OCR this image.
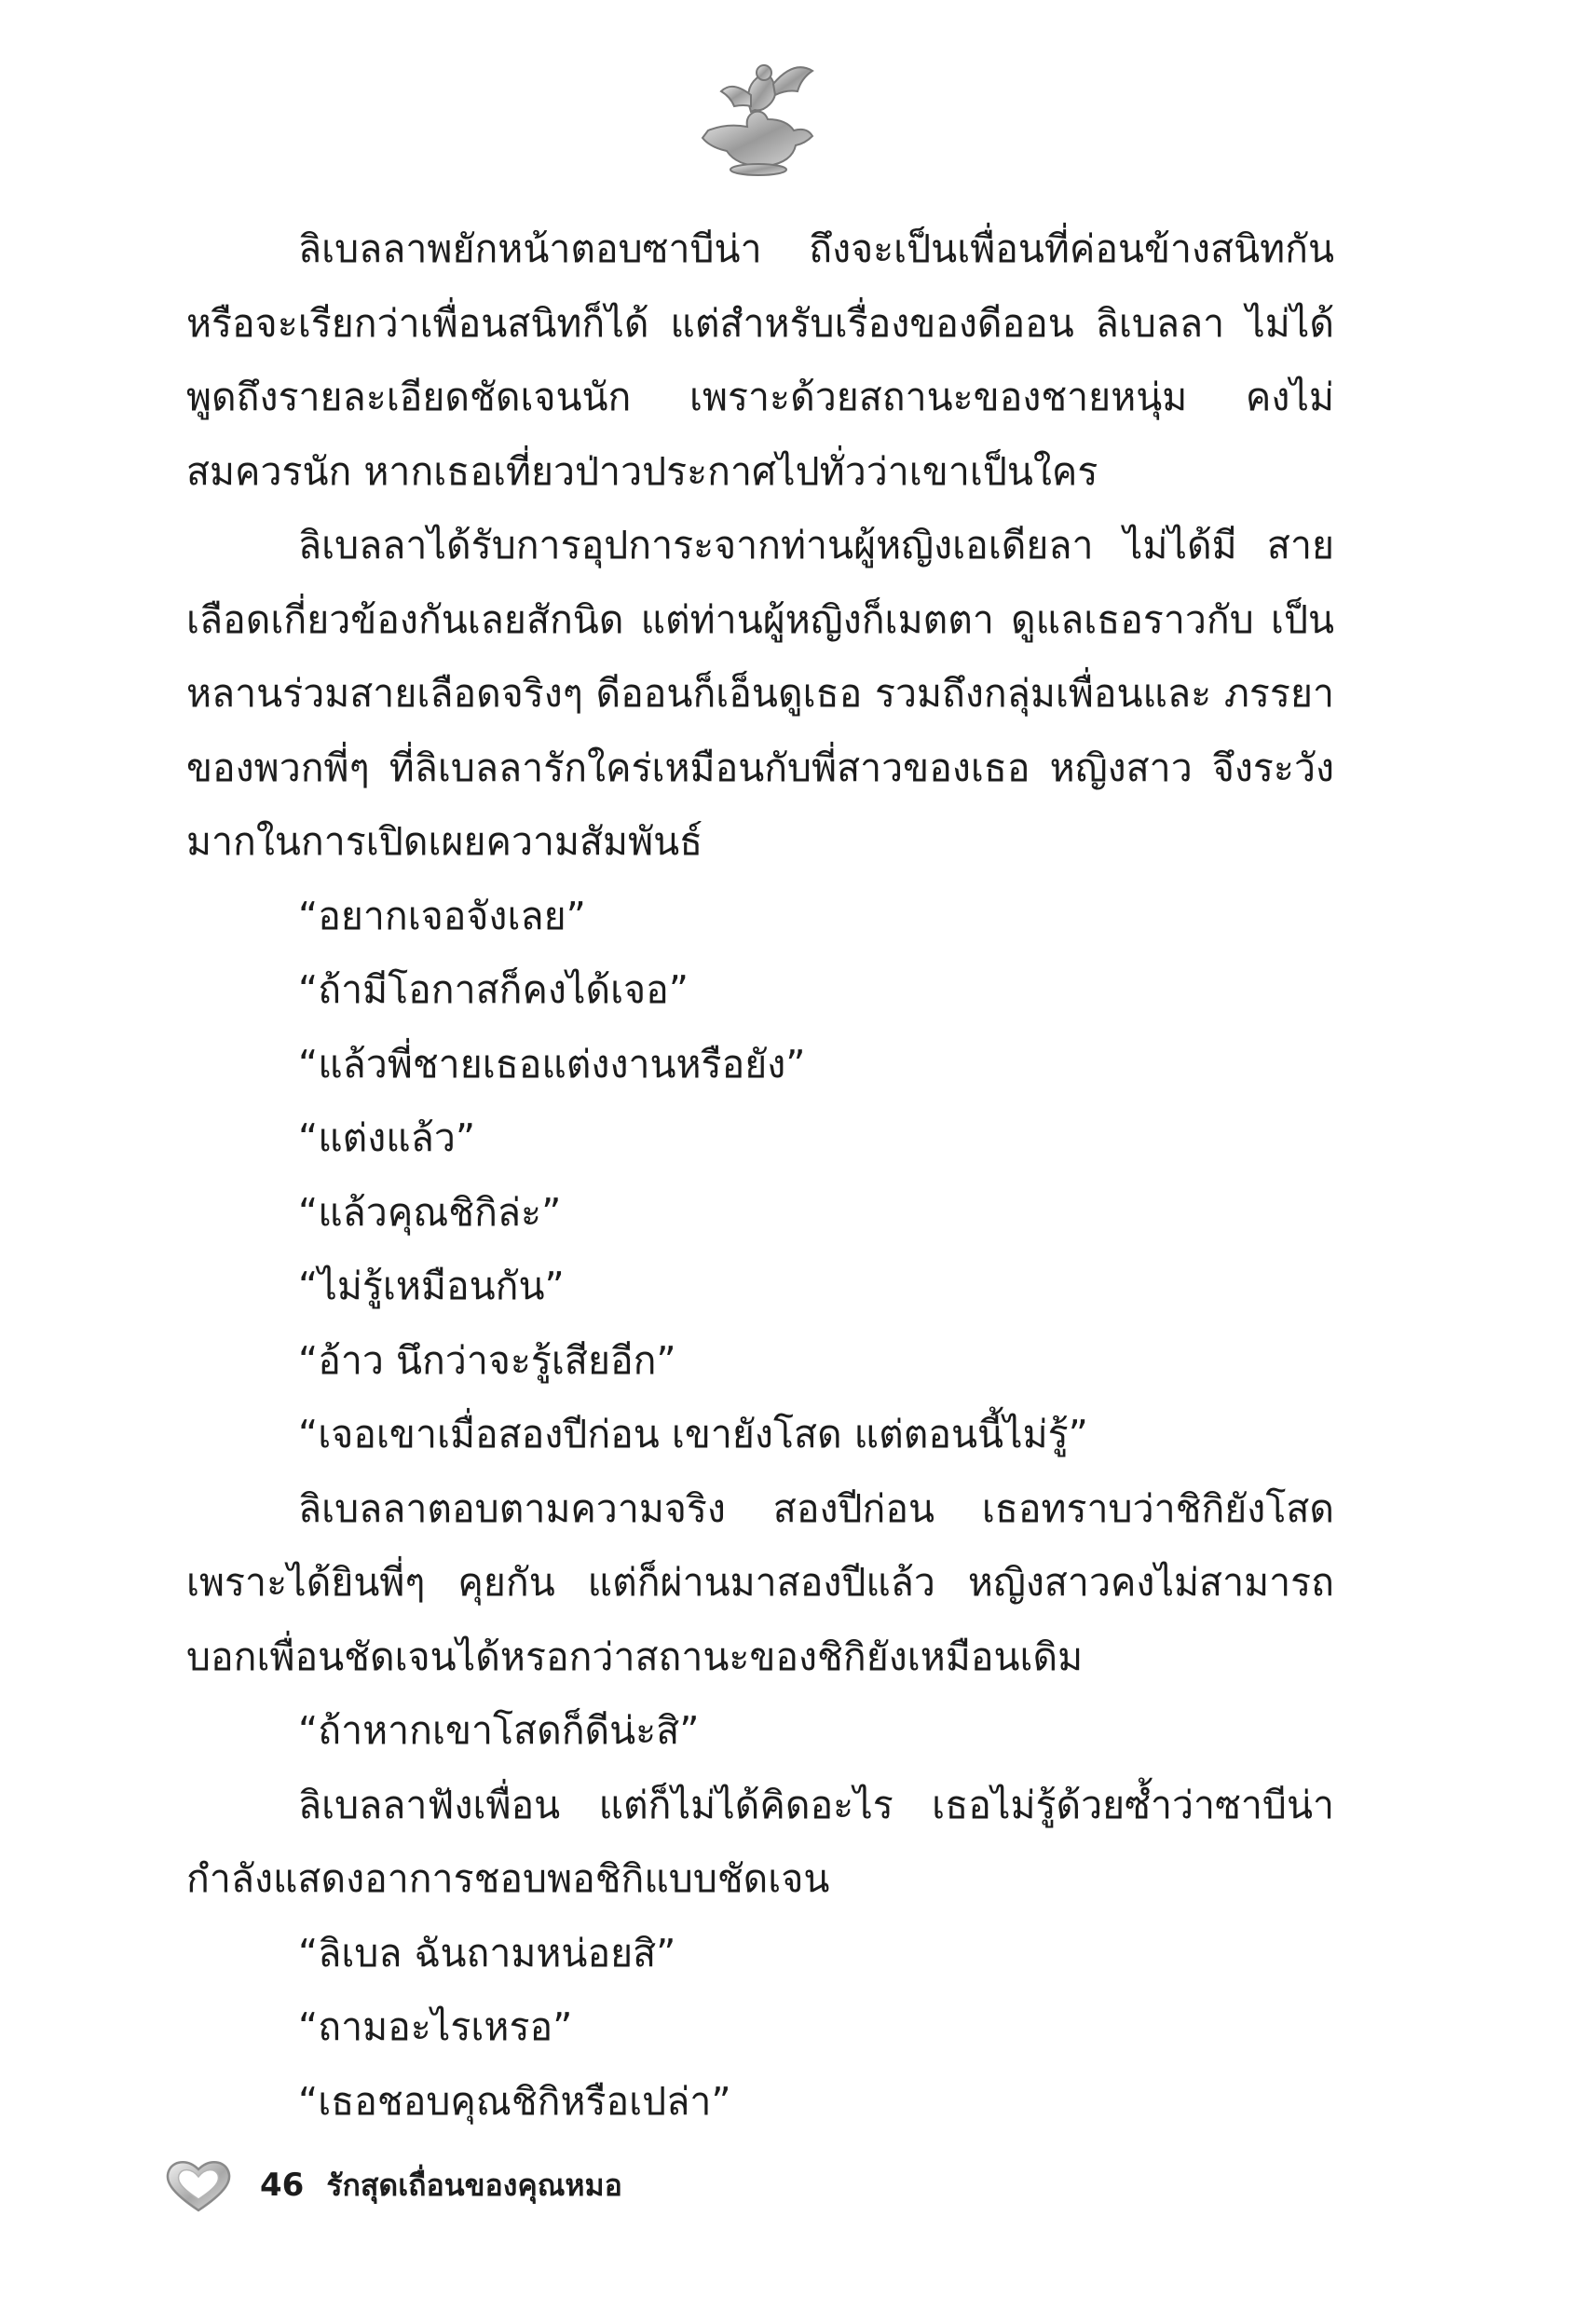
ลิเบลลาพยักหน้าตอบซาบีน่า ถึงจะเป็นเพื่อนที่ค่อนข้างสนิทกัน หรือจะเรียกว่าเพื่อนสนิทก็ได้ แต่สำหรับเรื่องของดีออน ลิเบลลา ไม่ได้พูดถึงรายละเอียดชัดเจนนัก เพราะด้วยสถานะของชายหนุ่ม คงไม่สมควรนัก หากเธอเที่ยวป่าวประกาศไปทั่วว่าเขาเป็นใคร

ลิเบลลาได้รับการอุปการะจากท่านผู้หญิงเอเดียลา ไม่ได้มี สายเลือดเกี่ยวข้องกันเลยสักนิด แต่ท่านผู้หญิงก็เมตตา ดูแลเธอราวกับ เป็นหลานร่วมสายเลือดจริงๆ ดีออนก็เอ็นดูเธอ รวมถึงกลุ่มเพื่อนและ ภรรยาของพวกพี่ๆ ที่ลิเบลลารักใคร่เหมือนกับพี่สาวของเธอ หญิงสาว จึงระวังมากในการเปิดเผยความสัมพันธ์

“อยากเจอจังเลย”

“ถ้ามีโอกาสก็คงได้เจอ”

“แล้วพี่ชายเธอแต่งงานหรือยัง”

“แต่งแล้ว”

“แล้วคุณชิกิล่ะ”

“ไม่รู้เหมือนกัน”

“อ้าว นึกว่าจะรู้เสียอีก”

“เจอเขาเมื่อสองปีก่อน เขายังโสด แต่ตอนนี้ไม่รู้”

ลิเบลลาตอบตามความจริง สองปีก่อน เธอทราบว่าชิกิยังโสด เพราะได้ยินพี่ๆ คุยกัน แต่ก็ผ่านมาสองปีแล้ว หญิงสาวคงไม่สามารถ บอกเพื่อนชัดเจนได้หรอกว่าสถานะของชิกิยังเหมือนเดิม

“ถ้าหากเขาโสดก็ดีน่ะสิ”

ลิเบลลาฟังเพื่อน แต่ก็ไม่ได้คิดอะไร เธอไม่รู้ด้วยซ้ำว่าซาบีน่า กำลังแสดงอาการชอบพอชิกิแบบชัดเจน

“ลิเบล ฉันถามหน่อยสิ”

“ถามอะไรเหรอ”

“เธอชอบคุณชิกิหรือเปล่า”

46 รักสุดเถื่อนของคุณหมอ
